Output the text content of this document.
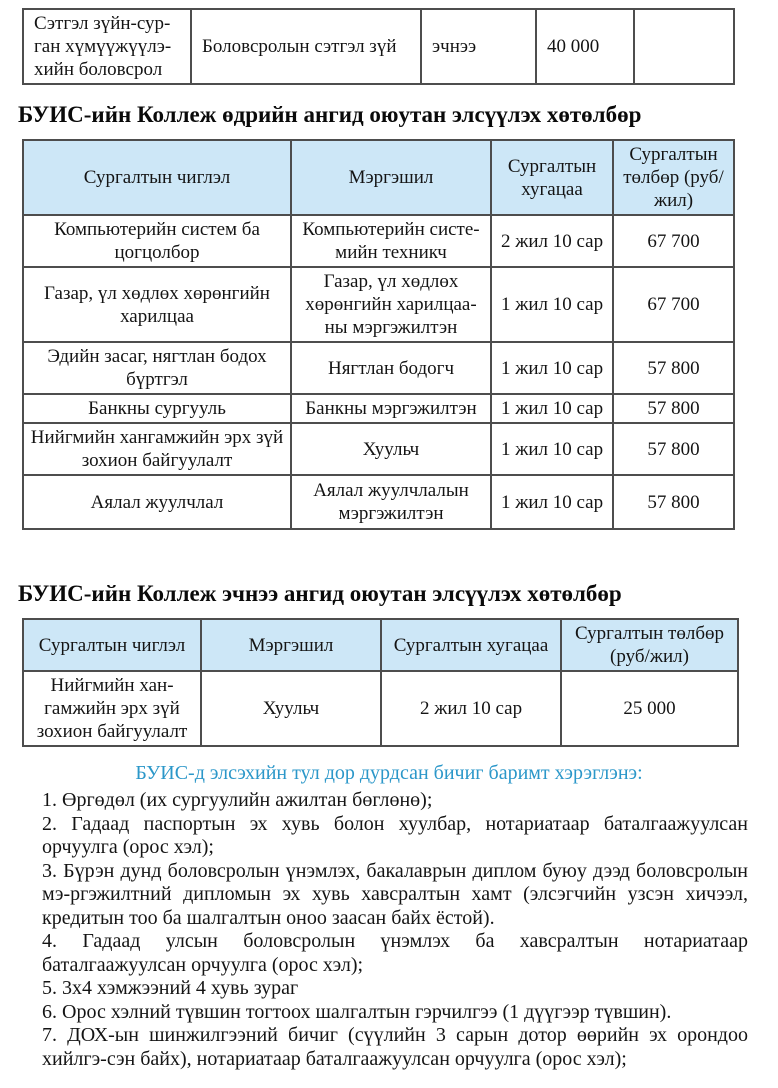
Сэтгэл зүйн-сур-ган хүмүүжүүлэ-хийн боловсрол	Боловсролын сэтгэл зүй	эчнээ	40 000	
БУИС-ийн Коллеж өдрийн ангид оюутан элсүүлэх хөтөлбөр
Сургалтын чиглэл	Мэргэшил	Сургалтын хугацаа	Сургалтын төлбөр (руб/жил)
Компьютерийн систем ба цогцолбор	Компьютерийн систе-мийн техникч	2 жил 10 сар	67 700
Газар, үл хөдлөх хөрөнгийн харилцаа	Газар, үл хөдлөх хөрөнгийн харилцаа-ны мэргэжилтэн	1 жил 10 сар	67 700
Эдийн засаг, нягтлан бодох бүртгэл	Нягтлан бодогч	1 жил 10 сар	57 800
Банкны сургууль	Банкны мэргэжилтэн	1 жил 10 сар	57 800
Нийгмийн хангамжийн эрх зүй зохион байгуулалт	Хуульч	1 жил 10 сар	57 800
Аялал жуулчлал	Аялал жуулчлалын мэргэжилтэн	1 жил 10 сар	57 800
БУИС-ийн Коллеж эчнээ ангид оюутан элсүүлэх хөтөлбөр
Сургалтын чиглэл	Мэргэшил	Сургалтын хугацаа	Сургалтын төлбөр (руб/жил)
Нийгмийн хан-гамжийн эрх зүй зохион байгуулалт	Хуульч	2 жил 10 сар	25 000
БУИС-д элсэхийн тул дор дурдсан бичиг баримт хэрэглэнэ:

1. Өргөдөл (их сургуулийн ажилтан бөглөнө);

2. Гадаад паспортын эх хувь болон хуулбар, нотариатаар баталгаажуулсан орчуулга (орос хэл);

3. Бүрэн дунд боловсролын үнэмлэх, бакалаврын диплом буюу дээд боловсролын мэ-ргэжилтний дипломын эх хувь хавсралтын хамт (элсэгчийн узсэн хичээл, кредитын тоо ба шалгалтын оноо заасан байх ёстой).

4. Гадаад улсын боловсролын үнэмлэх ба хавсралтын нотариатаар баталгаажуулсан орчуулга (орос хэл);

5. 3х4 хэмжээний 4 хувь зураг

6. Орос хэлний түвшин тогтоох шалгалтын гэрчилгээ (1 дүүгээр түвшин).

7. ДОХ-ын шинжилгээний бичиг (сүүлийн 3 сарын дотор өөрийн эх орондоо хийлгэ-сэн байх), нотариатаар баталгаажуулсан орчуулга (орос хэл);
